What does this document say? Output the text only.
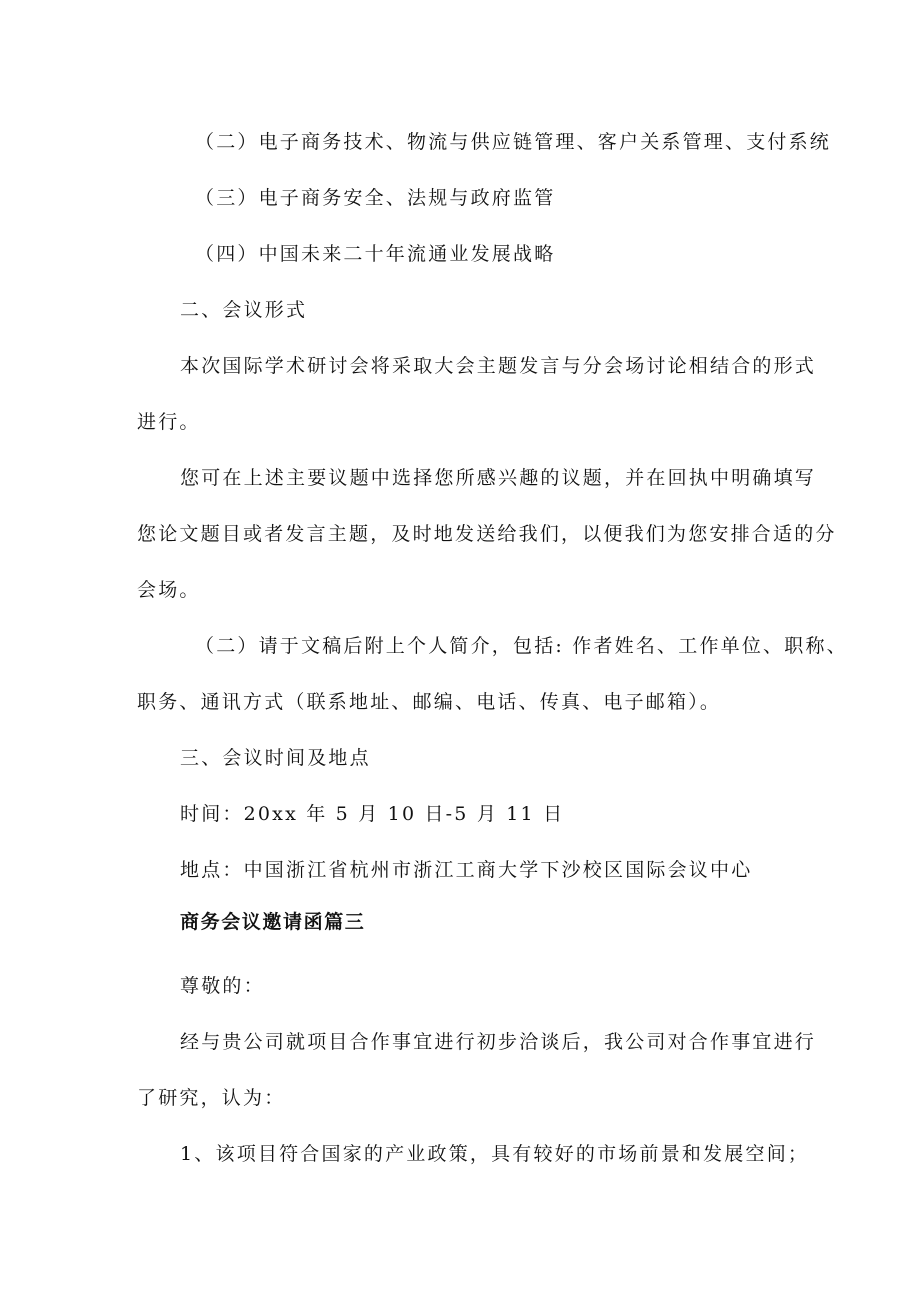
（二）电子商务技术、物流与供应链管理、客户关系管理、支付系统
（三）电子商务安全、法规与政府监管
（四）中国未来二十年流通业发展战略
二、会议形式
本次国际学术研讨会将采取大会主题发言与分会场讨论相结合的形式
进行。
您可在上述主要议题中选择您所感兴趣的议题，并在回执中明确填写
您论文题目或者发言主题，及时地发送给我们，以便我们为您安排合适的分
会场。
（二）请于文稿后附上个人简介，包括: 作者姓名、工作单位、职称、
职务、通讯方式（联系地址、邮编、电话、传真、电子邮箱）。
三、会议时间及地点
时间：20xx 年 5 月 10 日-5 月 11 日
地点：中国浙江省杭州市浙江工商大学下沙校区国际会议中心
商务会议邀请函篇三
尊敬的：
经与贵公司就项目合作事宜进行初步洽谈后，我公司对合作事宜进行
了研究，认为：
1、该项目符合国家的产业政策，具有较好的市场前景和发展空间；
